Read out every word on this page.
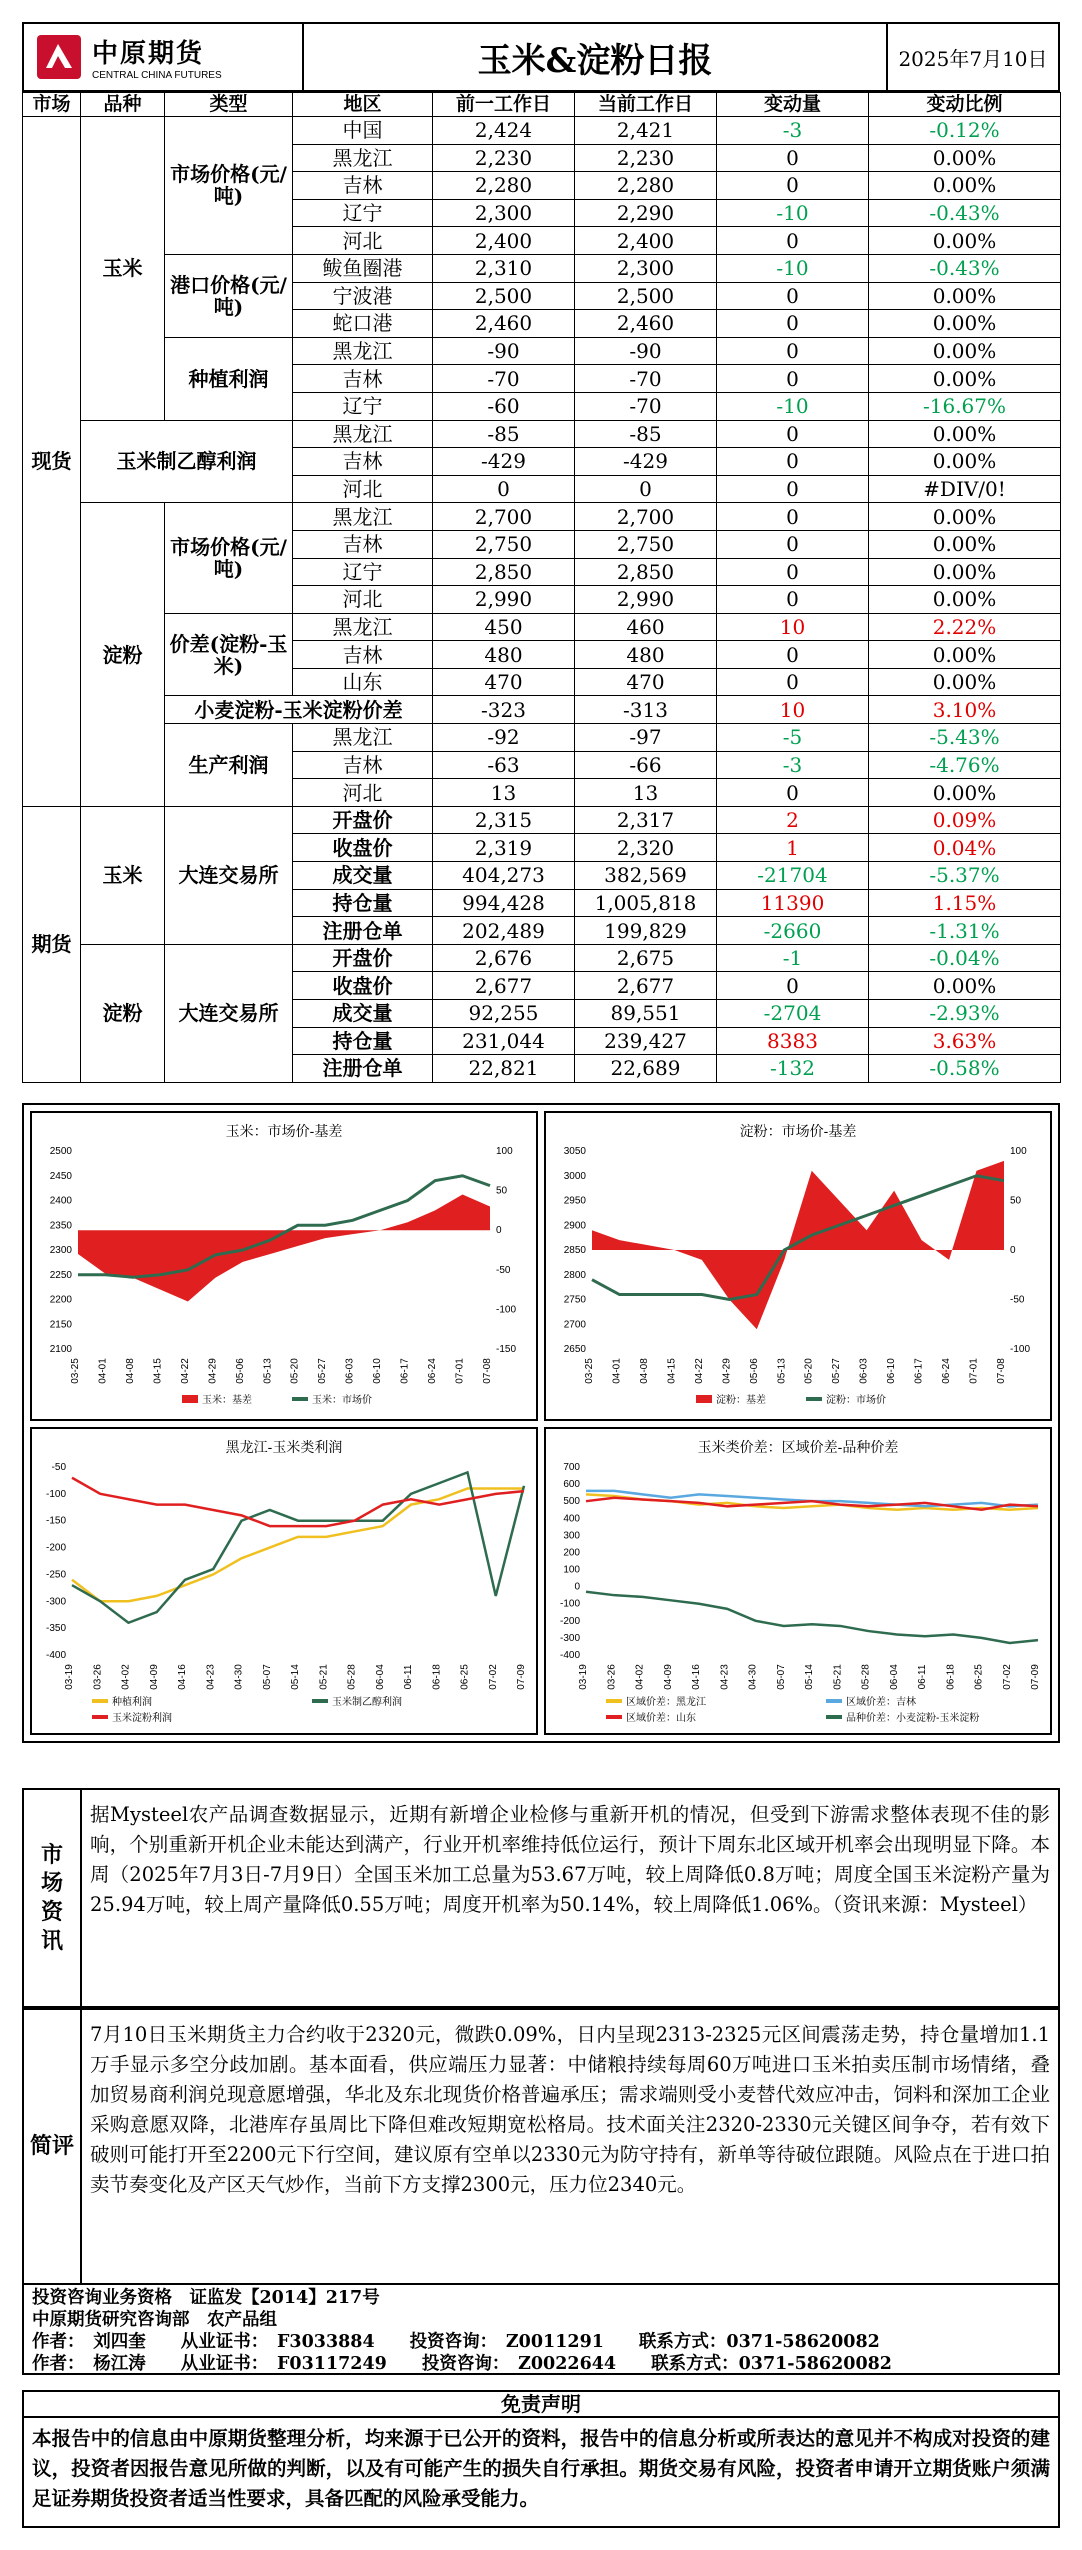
中原期货
CENTRAL CHINA FUTURES	玉米&淀粉日报	2025年7月10日
市场	品种	类型	地区	前一工作日	当前工作日	变动量	变动比例
现货	玉米	市场价格(元/吨)	中国	2,424	2,421	-3	-0.12%
			黑龙江	2,230	2,230	0	0.00%
			吉林	2,280	2,280	0	0.00%
			辽宁	2,300	2,290	-10	-0.43%
			河北	2,400	2,400	0	0.00%
		港口价格(元/吨)	鲅鱼圈港	2,310	2,300	-10	-0.43%
			宁波港	2,500	2,500	0	0.00%
			蛇口港	2,460	2,460	0	0.00%
		种植利润	黑龙江	-90	-90	0	0.00%
			吉林	-70	-70	0	0.00%
			辽宁	-60	-70	-10	-16.67%
	玉米制乙醇利润		黑龙江	-85	-85	0	0.00%
			吉林	-429	-429	0	0.00%
			河北	0	0	0	#DIV/0!
	淀粉	市场价格(元/吨)	黑龙江	2,700	2,700	0	0.00%
			吉林	2,750	2,750	0	0.00%
			辽宁	2,850	2,850	0	0.00%
			河北	2,990	2,990	0	0.00%
		价差(淀粉-玉米)	黑龙江	450	460	10	2.22%
			吉林	480	480	0	0.00%
			山东	470	470	0	0.00%
		小麦淀粉-玉米淀粉价差		-323	-313	10	3.10%
		生产利润	黑龙江	-92	-97	-5	-5.43%
			吉林	-63	-66	-3	-4.76%
			河北	13	13	0	0.00%
期货	玉米	大连交易所	开盘价	2,315	2,317	2	0.09%
			收盘价	2,319	2,320	1	0.04%
			成交量	404,273	382,569	-21704	-5.37%
			持仓量	994,428	1,005,818	11390	1.15%
			注册仓单	202,489	199,829	-2660	-1.31%
	淀粉	大连交易所	开盘价	2,676	2,675	-1	-0.04%
			收盘价	2,677	2,677	0	0.00%
			成交量	92,255	89,551	-2704	-2.93%
			持仓量	231,044	239,427	8383	3.63%
			注册仓单	22,821	22,689	-132	-0.58%
玉米：市场价-基差
2500
2450
2400
2350
2300
2250
2200
2150
2100
100
50
0
-50
-100
-150
03-25 04-01 04-08 04-15 04-22 04-29 05-06 05-13 05-20 05-27 06-03 06-10 06-17 06-24 07-01 07-08
玉米：基差	玉米：市场价
淀粉：市场价-基差
3050
3000
2950
2900
2850
2800
2750
2700
2650
100
50
0
-50
-100
03-25 04-01 04-08 04-15 04-22 04-29 05-06 05-13 05-20 05-27 06-03 06-10 06-17 06-24 07-01 07-08
淀粉：基差	淀粉：市场价
黑龙江-玉米类利润
-50
-100
-150
-200
-250
-300
-350
-400
03-19 03-26 04-02 04-09 04-16 04-23 04-30 05-07 05-14 05-21 05-28 06-04 06-11 06-18 06-25 07-02 07-09
种植利润	玉米制乙醇利润
玉米淀粉利润
玉米类价差：区域价差-品种价差
700
600
500
400
300
200
100
0
-100
-200
-300
-400
03-19 03-26 04-02 04-09 04-16 04-23 04-30 05-07 05-14 05-21 05-28 06-04 06-11 06-18 06-25 07-02 07-09
区域价差：黑龙江	区域价差：吉林
区域价差：山东	品种价差：小麦淀粉-玉米淀粉
市场资讯
据Mysteel农产品调查数据显示，近期有新增企业检修与重新开机的情况，但受到下游需求整体表现不佳的影响，个别重新开机企业未能达到满产，行业开机率维持低位运行，预计下周东北区域开机率会出现明显下降。本周（2025年7月3日-7月9日）全国玉米加工总量为53.67万吨，较上周降低0.8万吨；周度全国玉米淀粉产量为25.94万吨，较上周产量降低0.55万吨；周度开机率为50.14%，较上周降低1.06%。（资讯来源：Mysteel）
简评
7月10日玉米期货主力合约收于2320元，微跌0.09%，日内呈现2313-2325元区间震荡走势，持仓量增加1.1万手显示多空分歧加剧。基本面看，供应端压力显著：中储粮持续每周60万吨进口玉米拍卖压制市场情绪，叠加贸易商利润兑现意愿增强，华北及东北现货价格普遍承压；需求端则受小麦替代效应冲击，饲料和深加工企业采购意愿双降，北港库存虽周比下降但难改短期宽松格局。技术面关注2320-2330元关键区间争夺，若有效下破则可能打开至2200元下行空间，建议原有空单以2330元为防守持有，新单等待破位跟随。风险点在于进口拍卖节奏变化及产区天气炒作，当前下方支撑2300元，压力位2340元。
投资咨询业务资格　证监发【2014】217号
中原期货研究咨询部　农产品组
作者：　刘四奎　　从业证书：　F3033884　　投资咨询：　Z0011291　　联系方式：0371-58620082
作者：　杨江涛　　从业证书：　F03117249　　投资咨询：　Z0022644　　联系方式：0371-58620082
免责声明
本报告中的信息由中原期货整理分析，均来源于已公开的资料，报告中的信息分析或所表达的意见并不构成对投资的建议，投资者因报告意见所做的判断，以及有可能产生的损失自行承担。期货交易有风险，投资者申请开立期货账户须满足证券期货投资者适当性要求，具备匹配的风险承受能力。
